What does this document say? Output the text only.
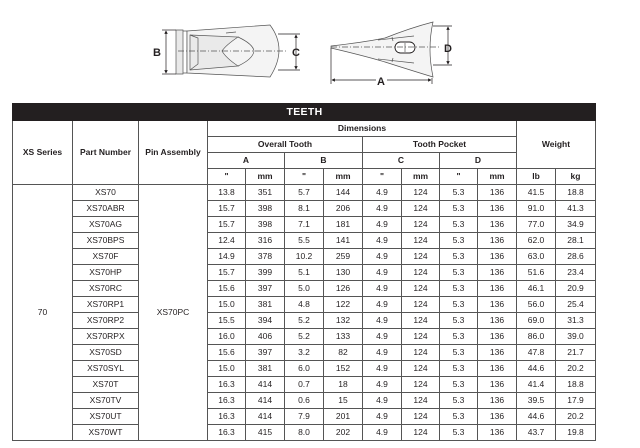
B	C	D
A
TEETH												
XS Series	Part Number	Pin Assembly	Dimensions								Weight	
			Overall Tooth				Tooth Pocket					
			A		B		C		D			
			"	mm	"	mm	"	mm	"	mm	lb	kg
70	XS70	XS70PC	13.8	351	5.7	144	4.9	124	5.3	136	41.5	18.8
	XS70ABR		15.7	398	8.1	206	4.9	124	5.3	136	91.0	41.3
	XS70AG		15.7	398	7.1	181	4.9	124	5.3	136	77.0	34.9
	XS70BPS		12.4	316	5.5	141	4.9	124	5.3	136	62.0	28.1
	XS70F		14.9	378	10.2	259	4.9	124	5.3	136	63.0	28.6
	XS70HP		15.7	399	5.1	130	4.9	124	5.3	136	51.6	23.4
	XS70RC		15.6	397	5.0	126	4.9	124	5.3	136	46.1	20.9
	XS70RP1		15.0	381	4.8	122	4.9	124	5.3	136	56.0	25.4
	XS70RP2		15.5	394	5.2	132	4.9	124	5.3	136	69.0	31.3
	XS70RPX		16.0	406	5.2	133	4.9	124	5.3	136	86.0	39.0
	XS70SD		15.6	397	3.2	82	4.9	124	5.3	136	47.8	21.7
	XS70SYL		15.0	381	6.0	152	4.9	124	5.3	136	44.6	20.2
	XS70T		16.3	414	0.7	18	4.9	124	5.3	136	41.4	18.8
	XS70TV		16.3	414	0.6	15	4.9	124	5.3	136	39.5	17.9
	XS70UT		16.3	414	7.9	201	4.9	124	5.3	136	44.6	20.2
	XS70WT		16.3	415	8.0	202	4.9	124	5.3	136	43.7	19.8
